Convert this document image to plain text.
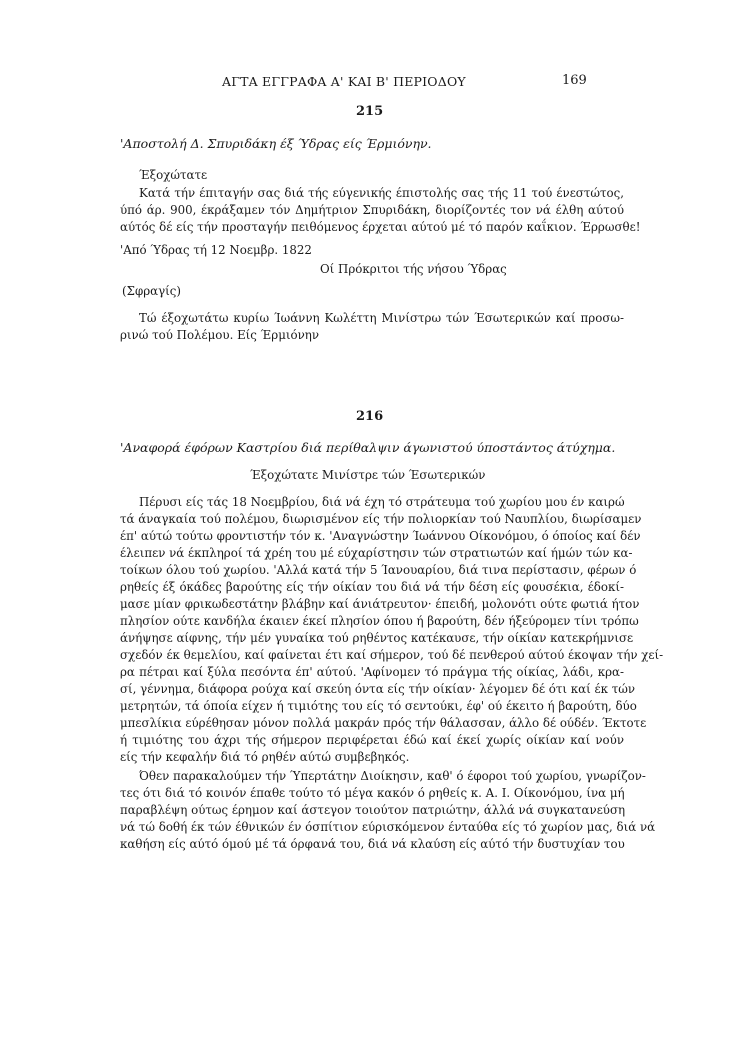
ΑΓΤΑ ΕΓΓΡΑΦΑ Α' ΚΑΙ Β' ΠΕΡΙΟΔΟΥ	169
215
'Αποστολή Δ. Σπυριδάκη έξ Ύδρας είς Έρμιόνην.
Έξοχώτατε
Κατά τήν έπιταγήν σας διά τής εύγενικής έπιστολής σας τής 11 τού ένεστώτος,
ύπό άρ. 900, έκράξαμεν τόν Δημήτριον Σπυριδάκη, διορίζοντές τον νά έλθη αύτού
αύτός δέ είς τήν προσταγήν πειθόμενος έρχεται αύτού μέ τό παρόν καΐκιον. Έρρωσθε!
'Από Ύδρας τή 12 Νοεμβρ. 1822
Οί Πρόκριτοι τής νήσου Ύδρας
(Σφραγίς)
Τώ έξοχωτάτω κυρίω Ίωάννη Κωλέττη Μινίστρω τών Έσωτερικών καί προσω-
ρινώ τού Πολέμου. Είς Έρμιόνην
216
'Αναφορά έφόρων Καστρίου διά περίθαλψιν άγωνιστού ύποστάντος άτύχημα.
Έξοχώτατε Μινίστρε τών Έσωτερικών
Πέρυσι είς τάς 18 Νοεμβρίου, διά νά έχη τό στράτευμα τού χωρίου μου έν καιρώ
τά άναγκαία τού πολέμου, διωρισμένον είς τήν πολιορκίαν τού Ναυπλίου, διωρίσαμεν
έπ' αύτώ τούτω φροντιστήν τόν κ. 'Αναγνώστην Ίωάννου Οίκονόμου, ό όποίος καί δέν
έλειπεν νά έκπληροί τά χρέη του μέ εύχαρίστησιν τών στρατιωτών καί ήμών τών κα-
τοίκων όλου τού χωρίου. 'Αλλά κατά τήν 5 Ίανουαρίου, διά τινα περίστασιν, φέρων ό
ρηθείς έξ όκάδες βαρούτης είς τήν οίκίαν του διά νά τήν δέση είς φουσέκια, έδοκί-
μασε μίαν φρικωδεστάτην βλάβην καί άνιάτρευτον· έπειδή, μολονότι ούτε φωτιά ήτον
πλησίον ούτε κανδήλα έκαιεν έκεί πλησίον όπου ή βαρούτη, δέν ήξεύρομεν τίνι τρόπω
άνήψησε αίφνης, τήν μέν γυναίκα τού ρηθέντος κατέκαυσε, τήν οίκίαν κατεκρήμνισε
σχεδόν έκ θεμελίου, καί φαίνεται έτι καί σήμερον, τού δέ πενθερού αύτού έκοψαν τήν χεί-
ρα πέτραι καί ξύλα πεσόντα έπ' αύτού. 'Αφίνομεν τό πράγμα τής οίκίας, λάδι, κρα-
σί, γέννημα, διάφορα ρούχα καί σκεύη όντα είς τήν οίκίαν· λέγομεν δέ ότι καί έκ τών
μετρητών, τά όποία είχεν ή τιμιότης του είς τό σεντούκι, έφ' ού έκειτο ή βαρούτη, δύο
μπεσλίκια εύρέθησαν μόνον πολλά μακράν πρός τήν θάλασσαν, άλλο δέ ούδέν. Έκτοτε
ή τιμιότης του άχρι τής σήμερον περιφέρεται έδώ καί έκεί χωρίς οίκίαν καί νούν
είς τήν κεφαλήν διά τό ρηθέν αύτώ συμβεβηκός.
Όθεν παρακαλούμεν τήν Ύπερτάτην Διοίκησιν, καθ' ό έφοροι τού χωρίου, γνωρίζον-
τες ότι διά τό κοινόν έπαθε τούτο τό μέγα κακόν ό ρηθείς κ. Α. Ι. Οίκονόμου, ίνα μή
παραβλέψη ούτως έρημον καί άστεγον τοιούτον πατριώτην, άλλά νά συγκατανεύση
νά τώ δοθή έκ τών έθνικών έν όσπίτιον εύρισκόμενον ένταύθα είς τό χωρίον μας, διά νά
καθήση είς αύτό όμού μέ τά όρφανά του, διά νά κλαύση είς αύτό τήν δυστυχίαν του
